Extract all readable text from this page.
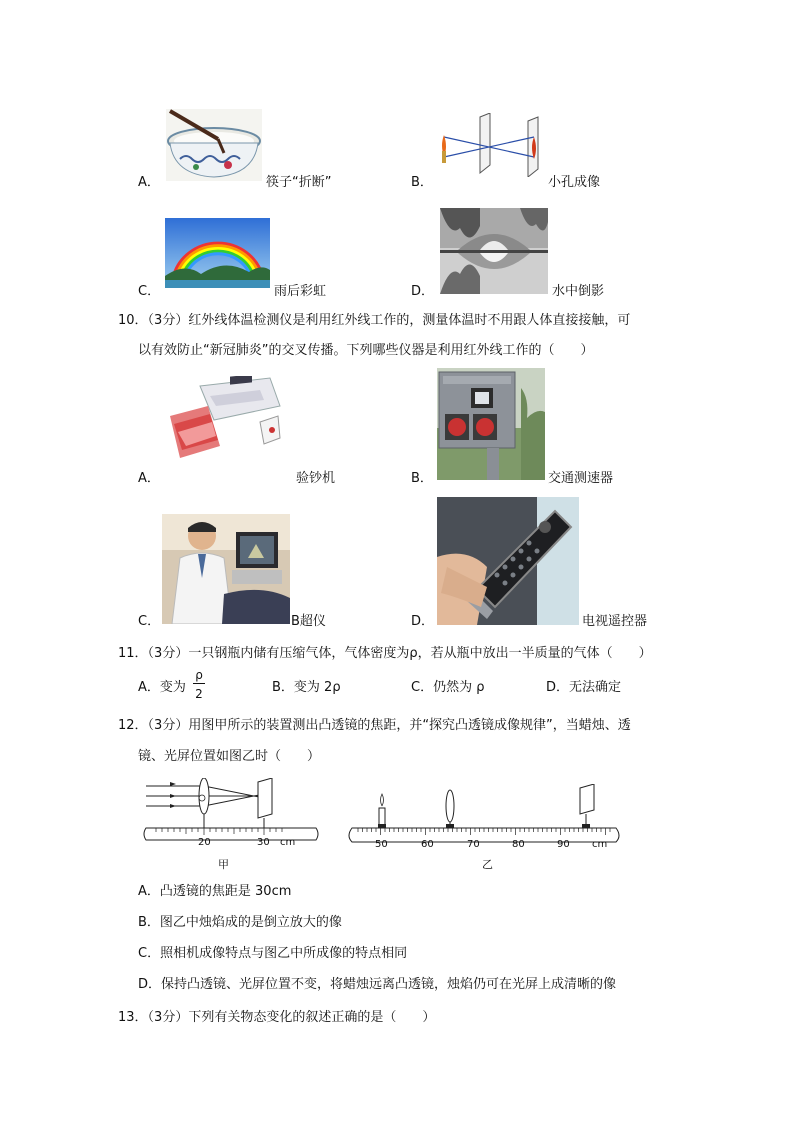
A．	筷子“折断”	B．	小孔成像
C．	雨后彩虹	D．	水中倒影
10．（3分）红外线体温检测仪是利用红外线工作的，测量体温时不用跟人体直接接触，可
以有效防止“新冠肺炎”的交叉传播。下列哪些仪器是利用红外线工作的（　　）
A．	验钞机	B．	交通测速器
C．	B超仪	D．	电视遥控器
11．（3分）一只钢瓶内储有压缩气体，气体密度为ρ，若从瓶中放出一半质量的气体（　　）
A．变为
ρ
2	B．变为 2ρ	C．仍然为 ρ	D．无法确定
12．（3分）用图甲所示的装置测出凸透镜的焦距，并“探究凸透镜成像规律”，当蜡烛、透
镜、光屏位置如图乙时（　　）
20	30 cm
甲
50	60	70	80	90 cm
乙
A．凸透镜的焦距是 30cm
B．图乙中烛焰成的是倒立放大的像
C．照相机成像特点与图乙中所成像的特点相同
D．保持凸透镜、光屏位置不变，将蜡烛远离凸透镜，烛焰仍可在光屏上成清晰的像
13．（3分）下列有关物态变化的叙述正确的是（　　）
